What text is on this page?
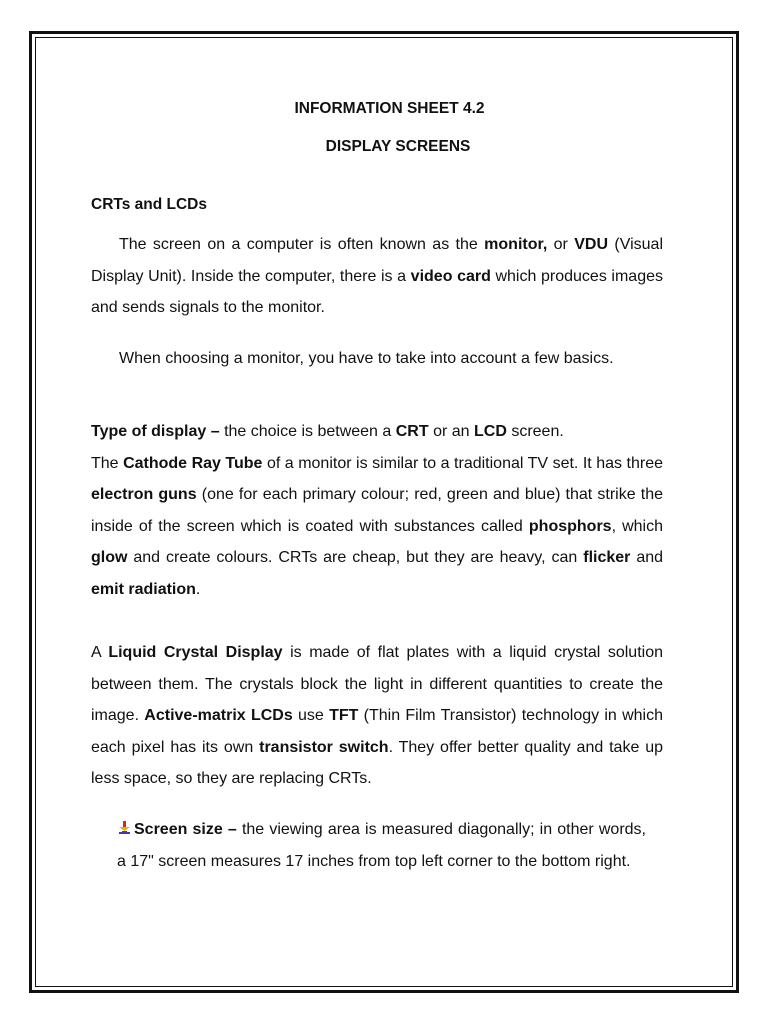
INFORMATION SHEET 4.2

DISPLAY SCREENS

CRTs and LCDs

The screen on a computer is often known as the monitor, or VDU (Visual Display Unit). Inside the computer, there is a video card which produces images and sends signals to the monitor.

When choosing a monitor, you have to take into account a few basics.

Type of display – the choice is between a CRT or an LCD screen.
The Cathode Ray Tube of a monitor is similar to a traditional TV set. It has three electron guns (one for each primary colour; red, green and blue) that strike the inside of the screen which is coated with substances called phosphors, which glow and create colours. CRTs are cheap, but they are heavy, can flicker and emit radiation.

A Liquid Crystal Display is made of flat plates with a liquid crystal solution between them. The crystals block the light in different quantities to create the image. Active-matrix LCDs use TFT (Thin Film Transistor) technology in which each pixel has its own transistor switch. They offer better quality and take up less space, so they are replacing CRTs.

Screen size – the viewing area is measured diagonally; in other words, a 17" screen measures 17 inches from top left corner to the bottom right.
